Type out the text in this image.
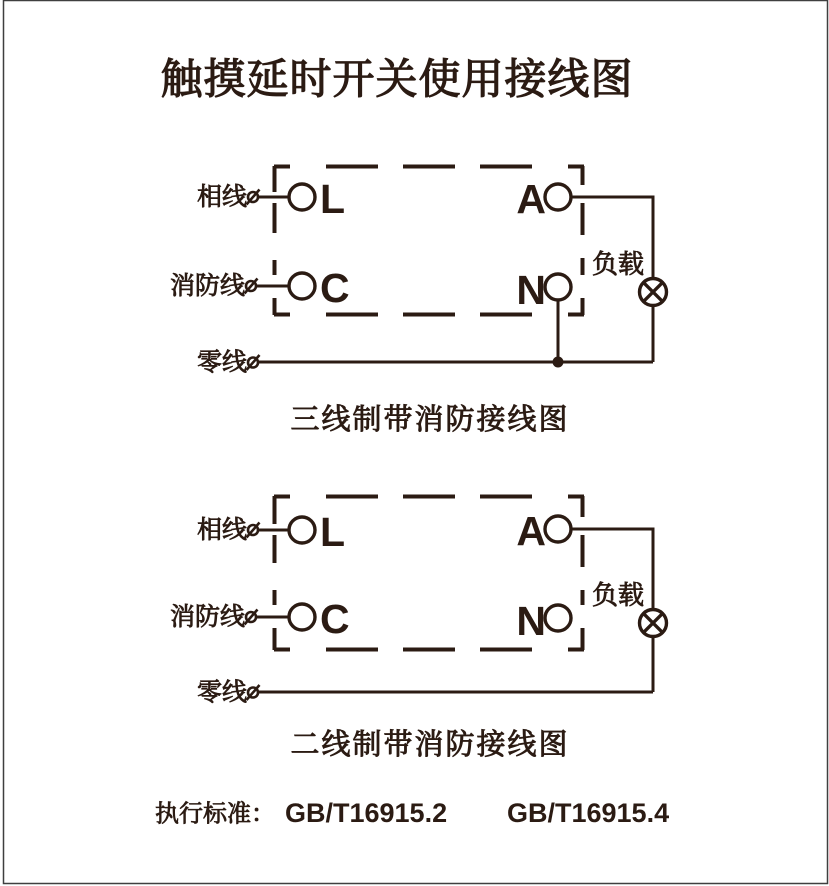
触摸延时开关使用接线图
相线
消防线
零线
负载
L
C
A
N
三线制带消防接线图
相线
消防线
零线
负载
L
C
A
N
二线制带消防接线图
执行标准： GB/T16915.2 GB/T16915.4
